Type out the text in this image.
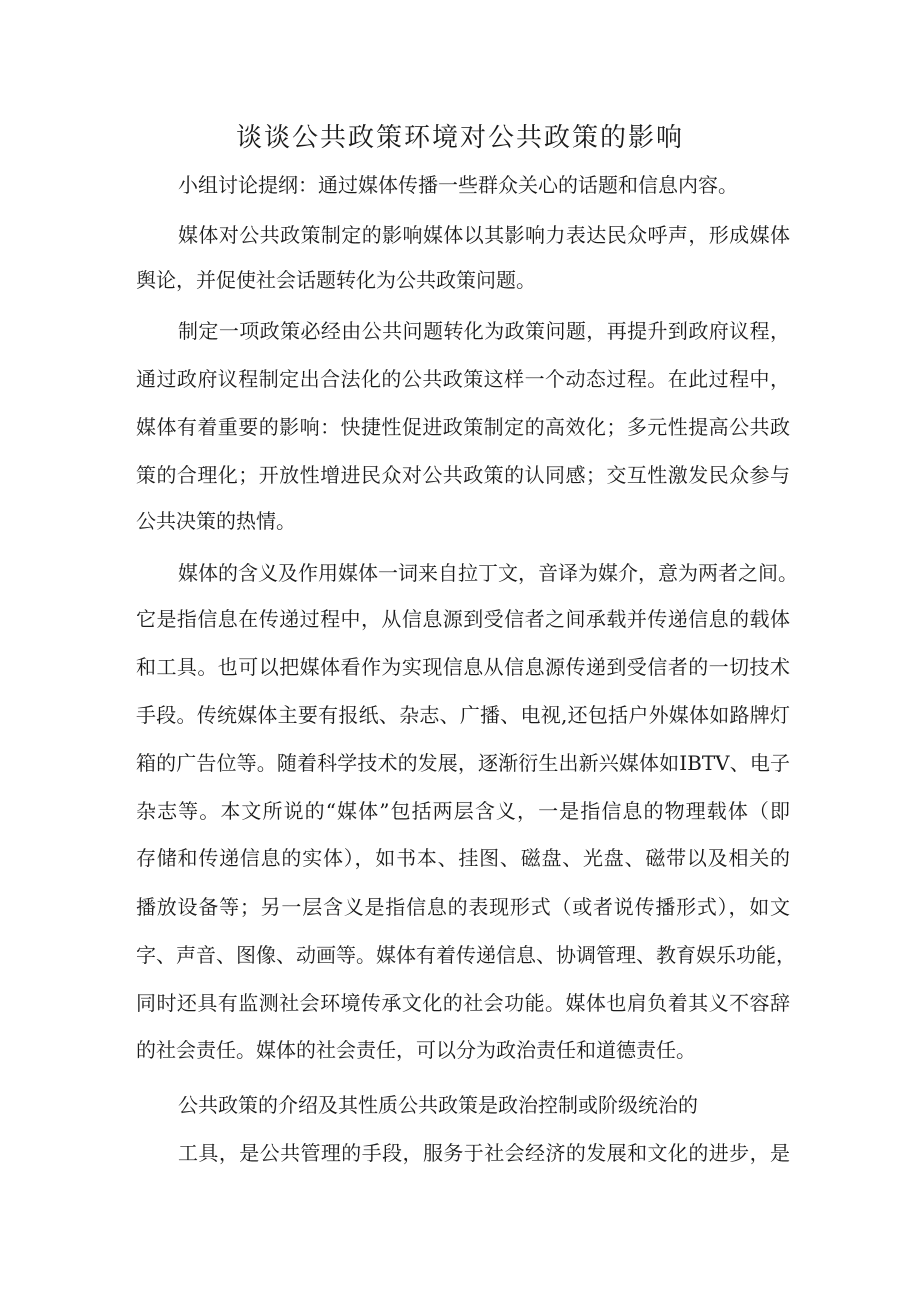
谈谈公共政策环境对公共政策的影响
小组讨论提纲：通过媒体传播一些群众关心的话题和信息内容。
媒体对公共政策制定的影响媒体以其影响力表达民众呼声，形成媒体
舆论，并促使社会话题转化为公共政策问题。
制定一项政策必经由公共问题转化为政策问题，再提升到政府议程，
通过政府议程制定出合法化的公共政策这样一个动态过程。在此过程中，
媒体有着重要的影响：快捷性促进政策制定的高效化；多元性提高公共政
策的合理化；开放性增进民众对公共政策的认同感；交互性激发民众参与
公共决策的热情。
媒体的含义及作用媒体一词来自拉丁文，音译为媒介，意为两者之间。
它是指信息在传递过程中，从信息源到受信者之间承载并传递信息的载体
和工具。也可以把媒体看作为实现信息从信息源传递到受信者的一切技术
手段。传统媒体主要有报纸、杂志、广播、电视,还包括户外媒体如路牌灯
箱的广告位等。随着科学技术的发展，逐渐衍生出新兴媒体如IBTV、电子
杂志等。本文所说的“媒体”包括两层含义，一是指信息的物理载体（即
存储和传递信息的实体），如书本、挂图、磁盘、光盘、磁带以及相关的
播放设备等；另一层含义是指信息的表现形式（或者说传播形式），如文
字、声音、图像、动画等。媒体有着传递信息、协调管理、教育娱乐功能，
同时还具有监测社会环境传承文化的社会功能。媒体也肩负着其义不容辞
的社会责任。媒体的社会责任，可以分为政治责任和道德责任。
公共政策的介绍及其性质公共政策是政治控制或阶级统治的
工具，是公共管理的手段，服务于社会经济的发展和文化的进步，是
